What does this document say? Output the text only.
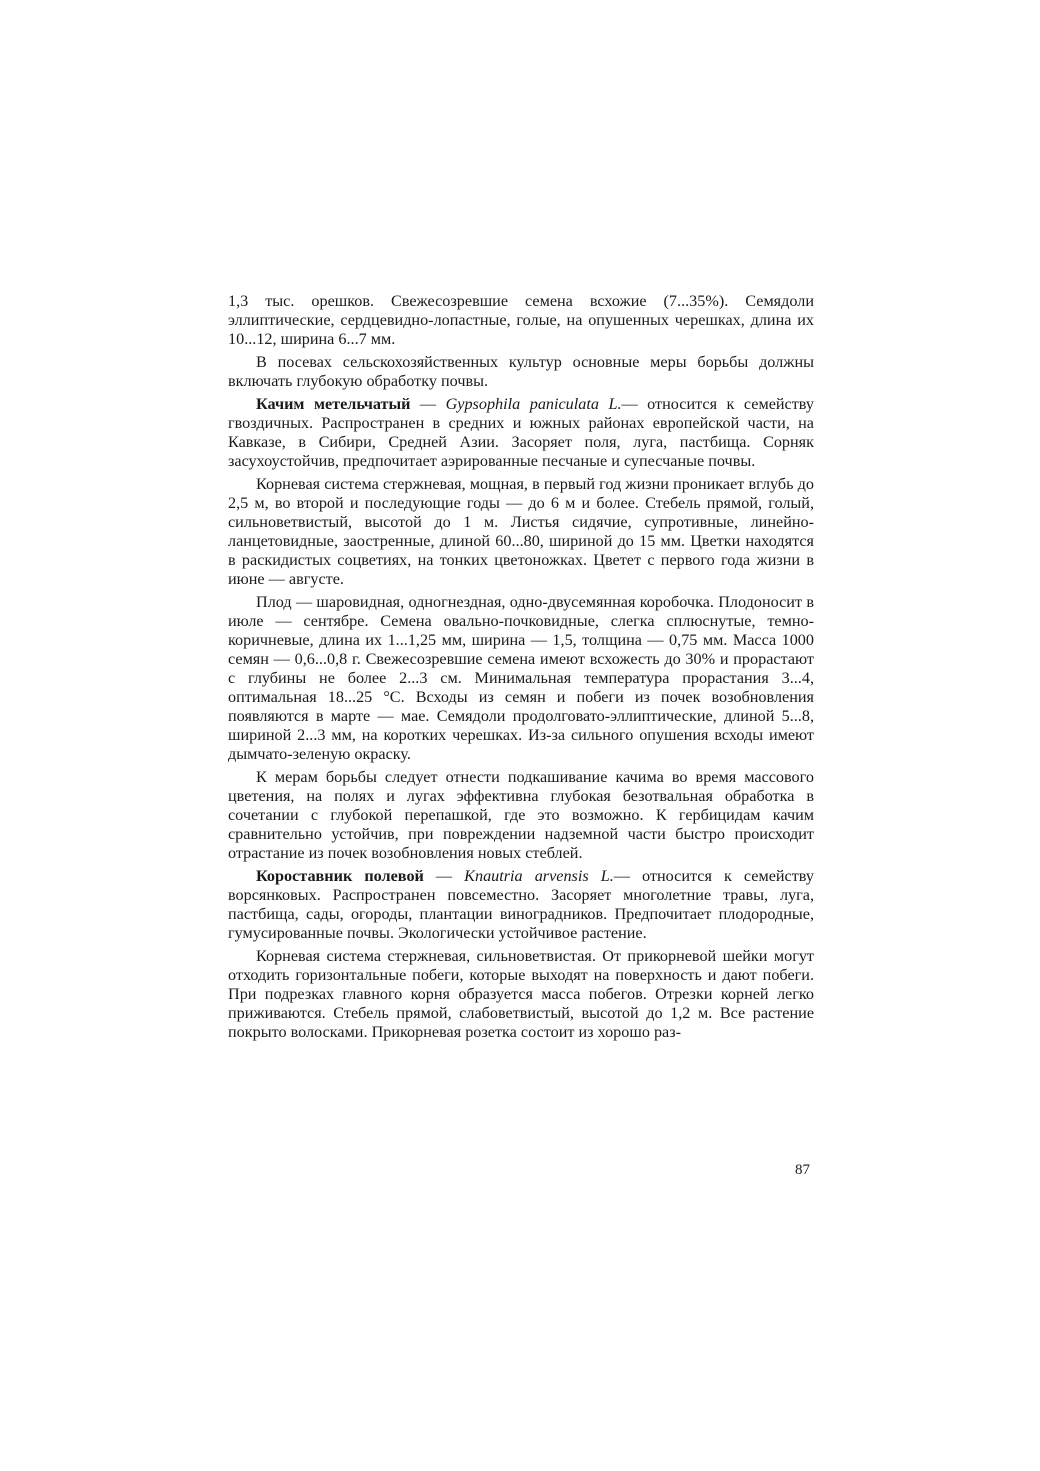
1,3 тыс. орешков. Свежесозревшие семена всхожие (7...35%). Семядоли эллиптические, сердцевидно-лопастные, голые, на опушенных черешках, длина их 10...12, ширина 6...7 мм.

В посевах сельскохозяйственных культур основные меры борьбы должны включать глубокую обработку почвы.

Качим метельчатый — Gypsophila paniculata L.— относится к семейству гвоздичных. Распространен в средних и южных районах европейской части, на Кавказе, в Сибири, Средней Азии. Засоряет поля, луга, пастбища. Сорняк засухоустойчив, предпочитает аэрированные песчаные и супесчаные почвы.

Корневая система стержневая, мощная, в первый год жизни проникает вглубь до 2,5 м, во второй и последующие годы — до 6 м и более. Стебель прямой, голый, сильноветвистый, высотой до 1 м. Листья сидячие, супротивные, линейно-ланцетовидные, заостренные, длиной 60...80, шириной до 15 мм. Цветки находятся в раскидистых соцветиях, на тонких цветоножках. Цветет с первого года жизни в июне — августе.

Плод — шаровидная, одногнездная, одно-двусемянная коробочка. Плодоносит в июле — сентябре. Семена овально-почковидные, слегка сплюснутые, темно-коричневые, длина их 1...1,25 мм, ширина — 1,5, толщина — 0,75 мм. Масса 1000 семян — 0,6...0,8 г. Свежесозревшие семена имеют всхожесть до 30% и прорастают с глубины не более 2...3 см. Минимальная температура прорастания 3...4, оптимальная 18...25 °С. Всходы из семян и побеги из почек возобновления появляются в марте — мае. Семядоли продолговато-эллиптические, длиной 5...8, шириной 2...3 мм, на коротких черешках. Из-за сильного опушения всходы имеют дымчато-зеленую окраску.

К мерам борьбы следует отнести подкашивание качима во время массового цветения, на полях и лугах эффективна глубокая безотвальная обработка в сочетании с глубокой перепашкой, где это возможно. К гербицидам качим сравнительно устойчив, при повреждении надземной части быстро происходит отрастание из почек возобновления новых стеблей.

Короставник полевой — Knautria arvensis L.— относится к семейству ворсянковых. Распространен повсеместно. Засоряет многолетние травы, луга, пастбища, сады, огороды, плантации виноградников. Предпочитает плодородные, гумусированные почвы. Экологически устойчивое растение.

Корневая система стержневая, сильноветвистая. От прикорневой шейки могут отходить горизонтальные побеги, которые выходят на поверхность и дают побеги. При подрезках главного корня образуется масса побегов. Отрезки корней легко приживаются. Стебель прямой, слабоветвистый, высотой до 1,2 м. Все растение покрыто волосками. Прикорневая розетка состоит из хорошо раз-

87
